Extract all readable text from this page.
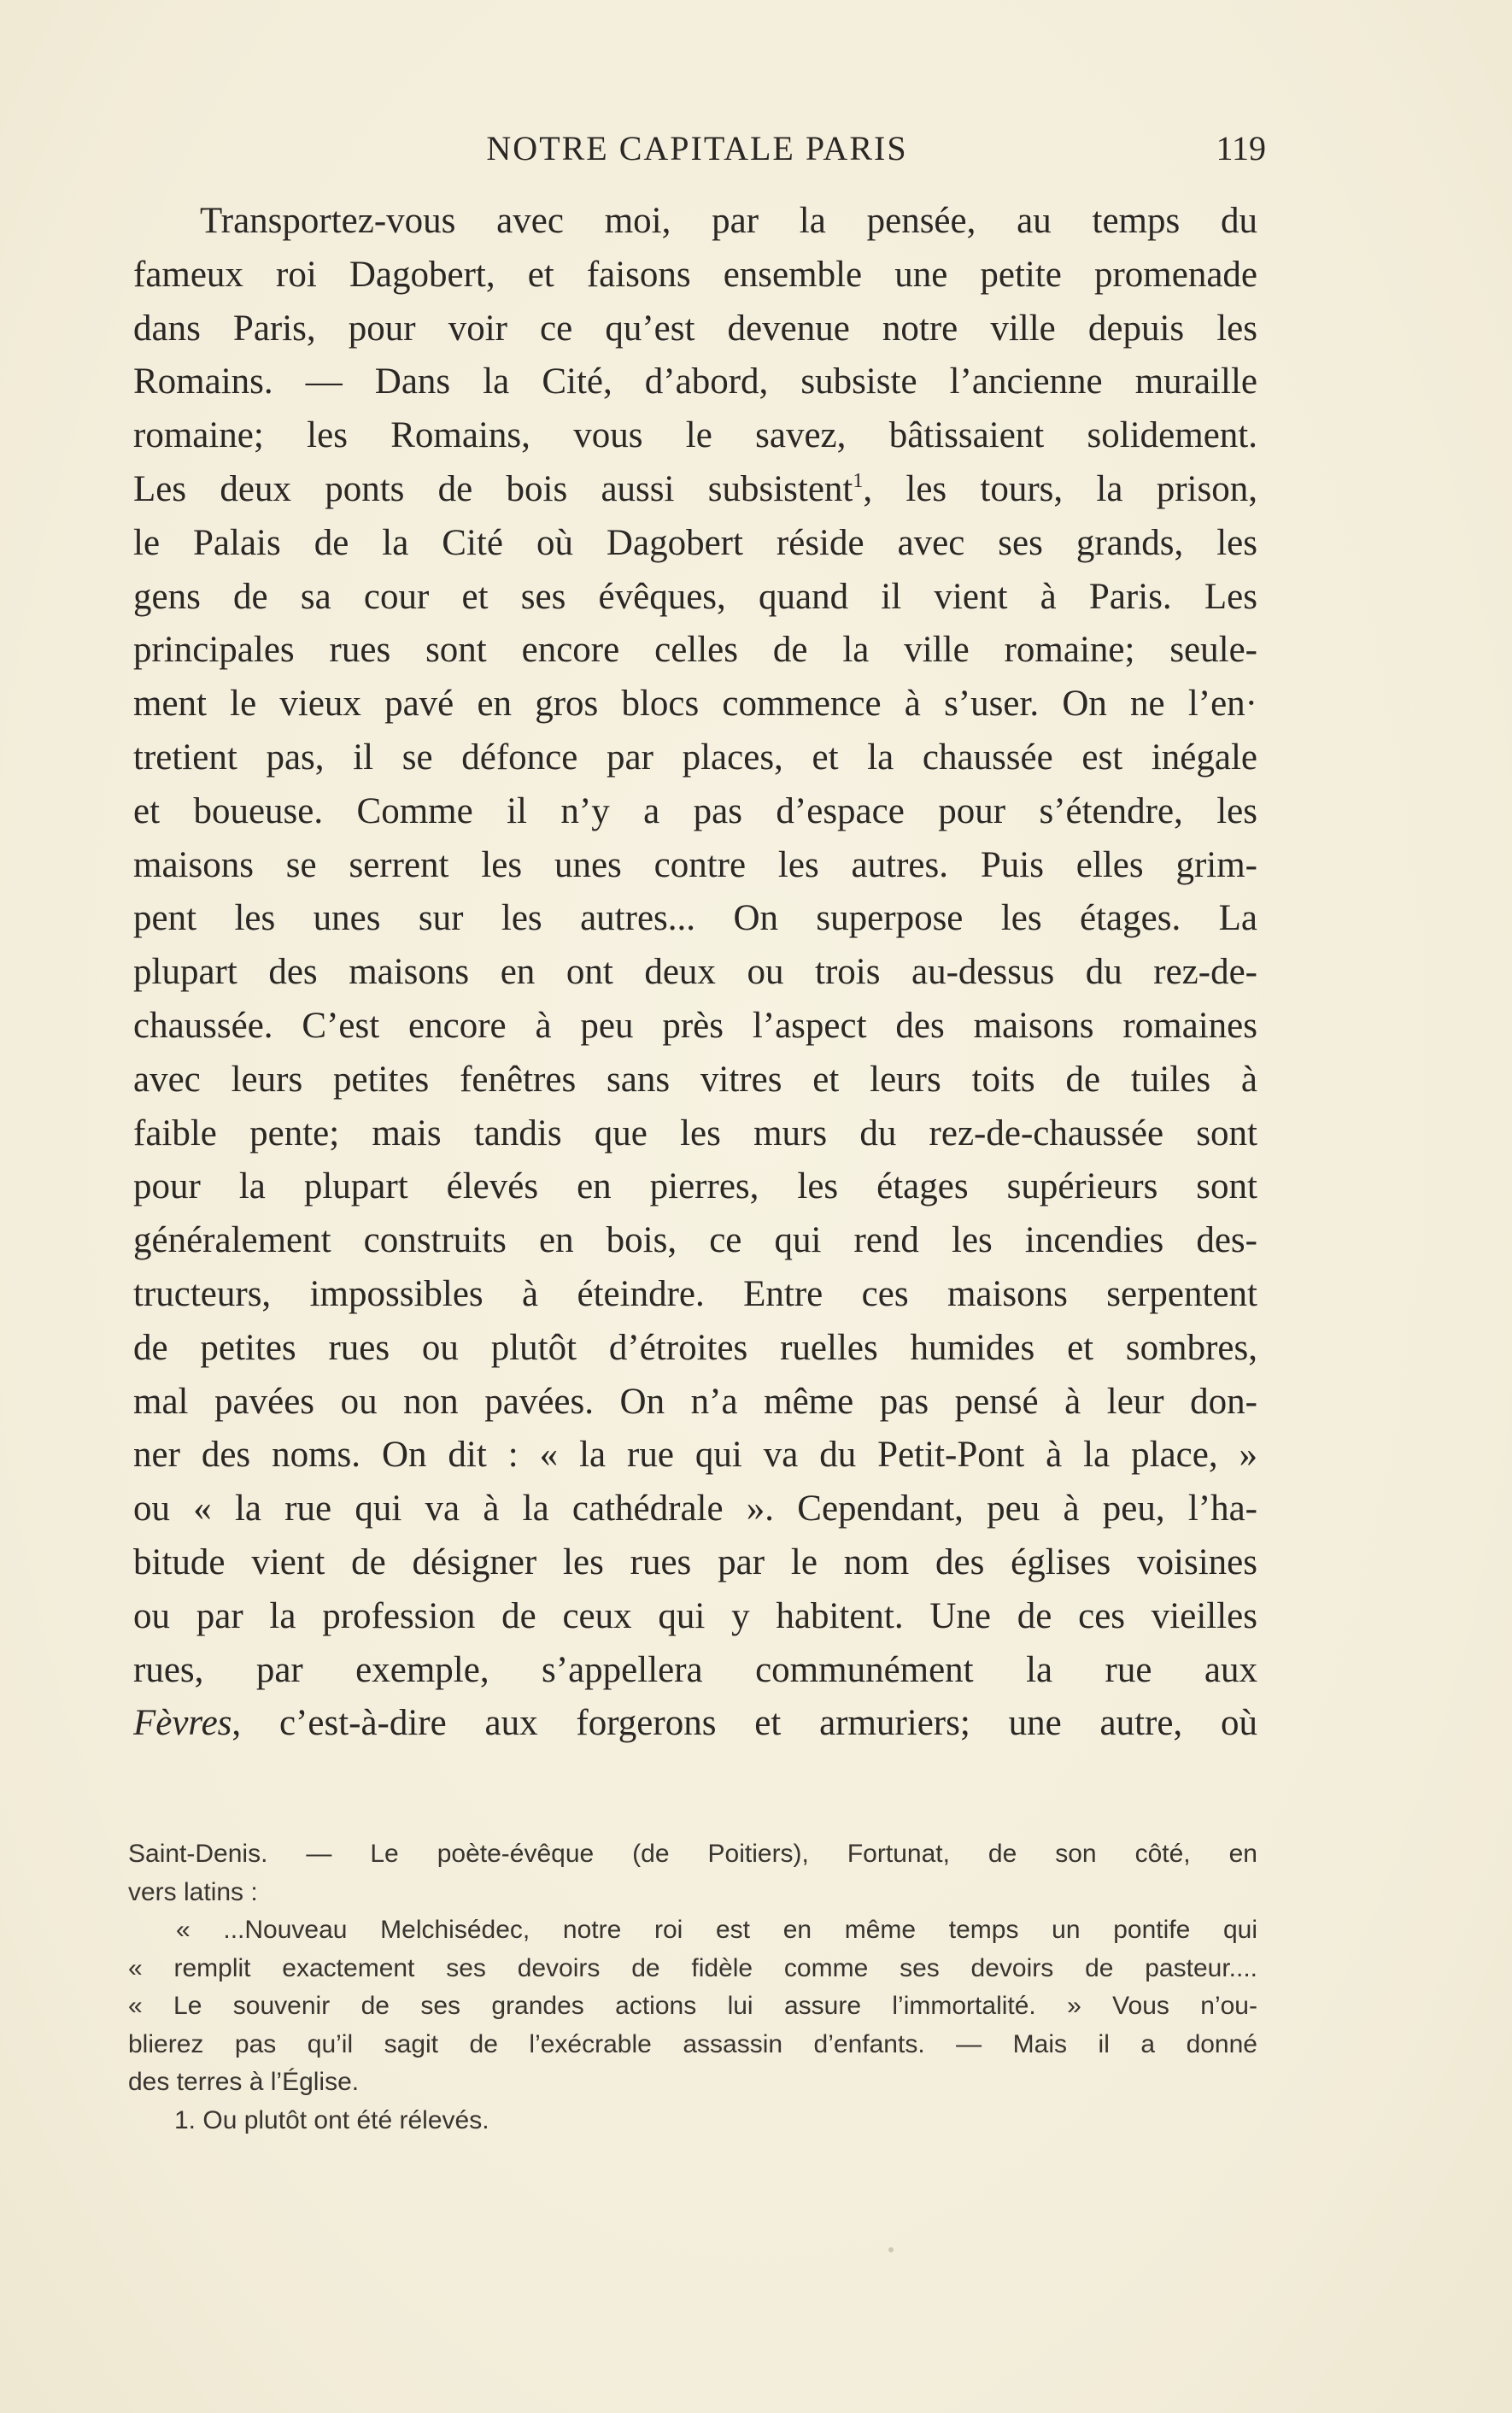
NOTRE CAPITALE PARIS	119
Transportez-vous avec moi, par la pensée, au temps du
fameux roi Dagobert, et faisons ensemble une petite promenade
dans Paris, pour voir ce qu’est devenue notre ville depuis les
Romains. — Dans la Cité, d’abord, subsiste l’ancienne muraille
romaine; les Romains, vous le savez, bâtissaient solidement.
Les deux ponts de bois aussi subsistent$^1$, les tours, la prison,
le Palais de la Cité où Dagobert réside avec ses grands, les
gens de sa cour et ses évêques, quand il vient à Paris. Les
principales rues sont encore celles de la ville romaine; seule-
ment le vieux pavé en gros blocs commence à s’user. On ne l’en·
tretient pas, il se défonce par places, et la chaussée est inégale
et boueuse. Comme il n’y a pas d’espace pour s’étendre, les
maisons se serrent les unes contre les autres. Puis elles grim-
pent les unes sur les autres... On superpose les étages. La
plupart des maisons en ont deux ou trois au-dessus du rez-de-
chaussée. C’est encore à peu près l’aspect des maisons romaines
avec leurs petites fenêtres sans vitres et leurs toits de tuiles à
faible pente; mais tandis que les murs du rez-de-chaussée sont
pour la plupart élevés en pierres, les étages supérieurs sont
généralement construits en bois, ce qui rend les incendies des-
tructeurs, impossibles à éteindre. Entre ces maisons serpentent
de petites rues ou plutôt d’étroites ruelles humides et sombres,
mal pavées ou non pavées. On n’a même pas pensé à leur don-
ner des noms. On dit : « la rue qui va du Petit-Pont à la place, »
ou « la rue qui va à la cathédrale ». Cependant, peu à peu, l’ha-
bitude vient de désigner les rues par le nom des églises voisines
ou par la profession de ceux qui y habitent. Une de ces vieilles
rues, par exemple, s’appellera communément la rue aux
Fèvres, c’est-à-dire aux forgerons et armuriers; une autre, où
Saint-Denis. — Le poète-évêque (de Poitiers), Fortunat, de son côté, en
vers latins :
« ...Nouveau Melchisédec, notre roi est en même temps un pontife qui
« remplit exactement ses devoirs de fidèle comme ses devoirs de pasteur....
« Le souvenir de ses grandes actions lui assure l’immortalité. » Vous n’ou-
blierez pas qu’il sagit de l’exécrable assassin d’enfants. — Mais il a donné
des terres à l’Église.
1. Ou plutôt ont été rélevés.
